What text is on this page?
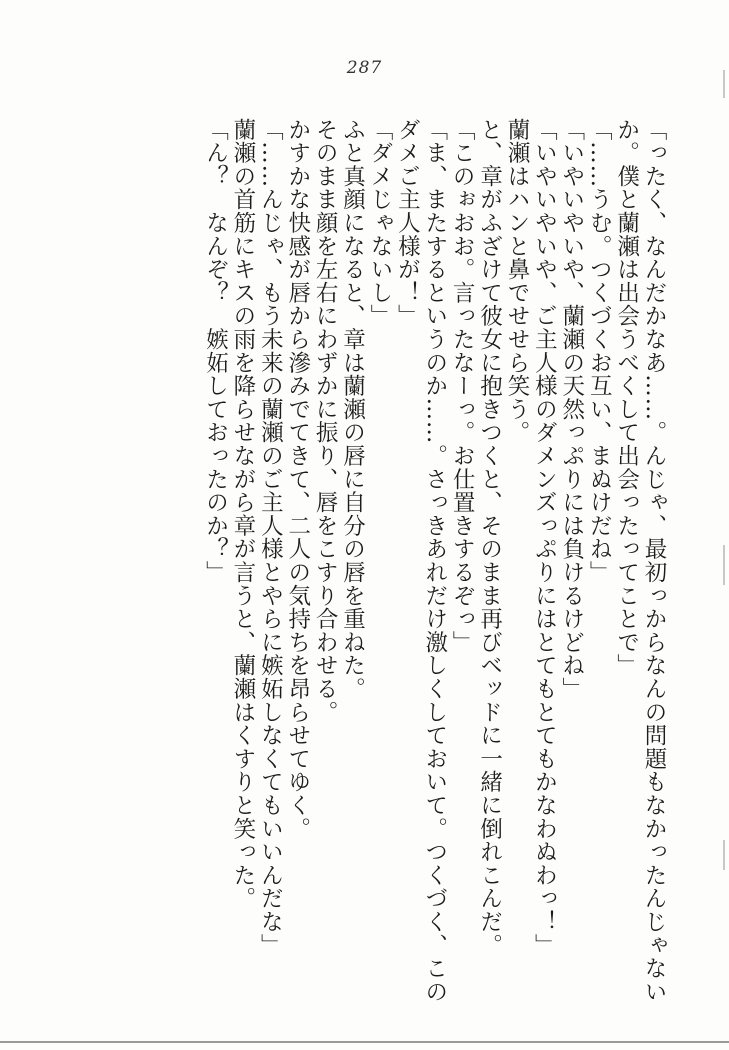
287
「ったく、なんだかなあ……。んじゃ、最初っからなんの問題もなかったんじゃない
か。僕と蘭瀬は出会うべくして出会ったってことで」
「……うむ。つくづくお互い、まぬけだね」
「いやいやいや、蘭瀬の天然っぷりには負けるけどね」
「いやいやいや、ご主人様のダメンズっぷりにはとてもとてもかなわぬわっ！」
蘭瀬はハンと鼻でせせら笑う。
と、章がふざけて彼女に抱きつくと、そのまま再びベッドに一緒に倒れこんだ。
「このぉおお。言ったなーっ。お仕置きするぞっ」
「ま、またするというのか……。さっきあれだけ激しくしておいて。つくづく、この
ダメご主人様が！」
「ダメじゃないし」
ふと真顔になると、章は蘭瀬の唇に自分の唇を重ねた。
そのまま顔を左右にわずかに振り、唇をこすり合わせる。
かすかな快感が唇から滲みでてきて、二人の気持ちを昂らせてゆく。
「……んじゃ、もう未来の蘭瀬のご主人様とやらに嫉妬しなくてもいいんだな」
蘭瀬の首筋にキスの雨を降らせながら章が言うと、蘭瀬はくすりと笑った。
「ん？　なんぞ？　嫉妬しておったのか？」
